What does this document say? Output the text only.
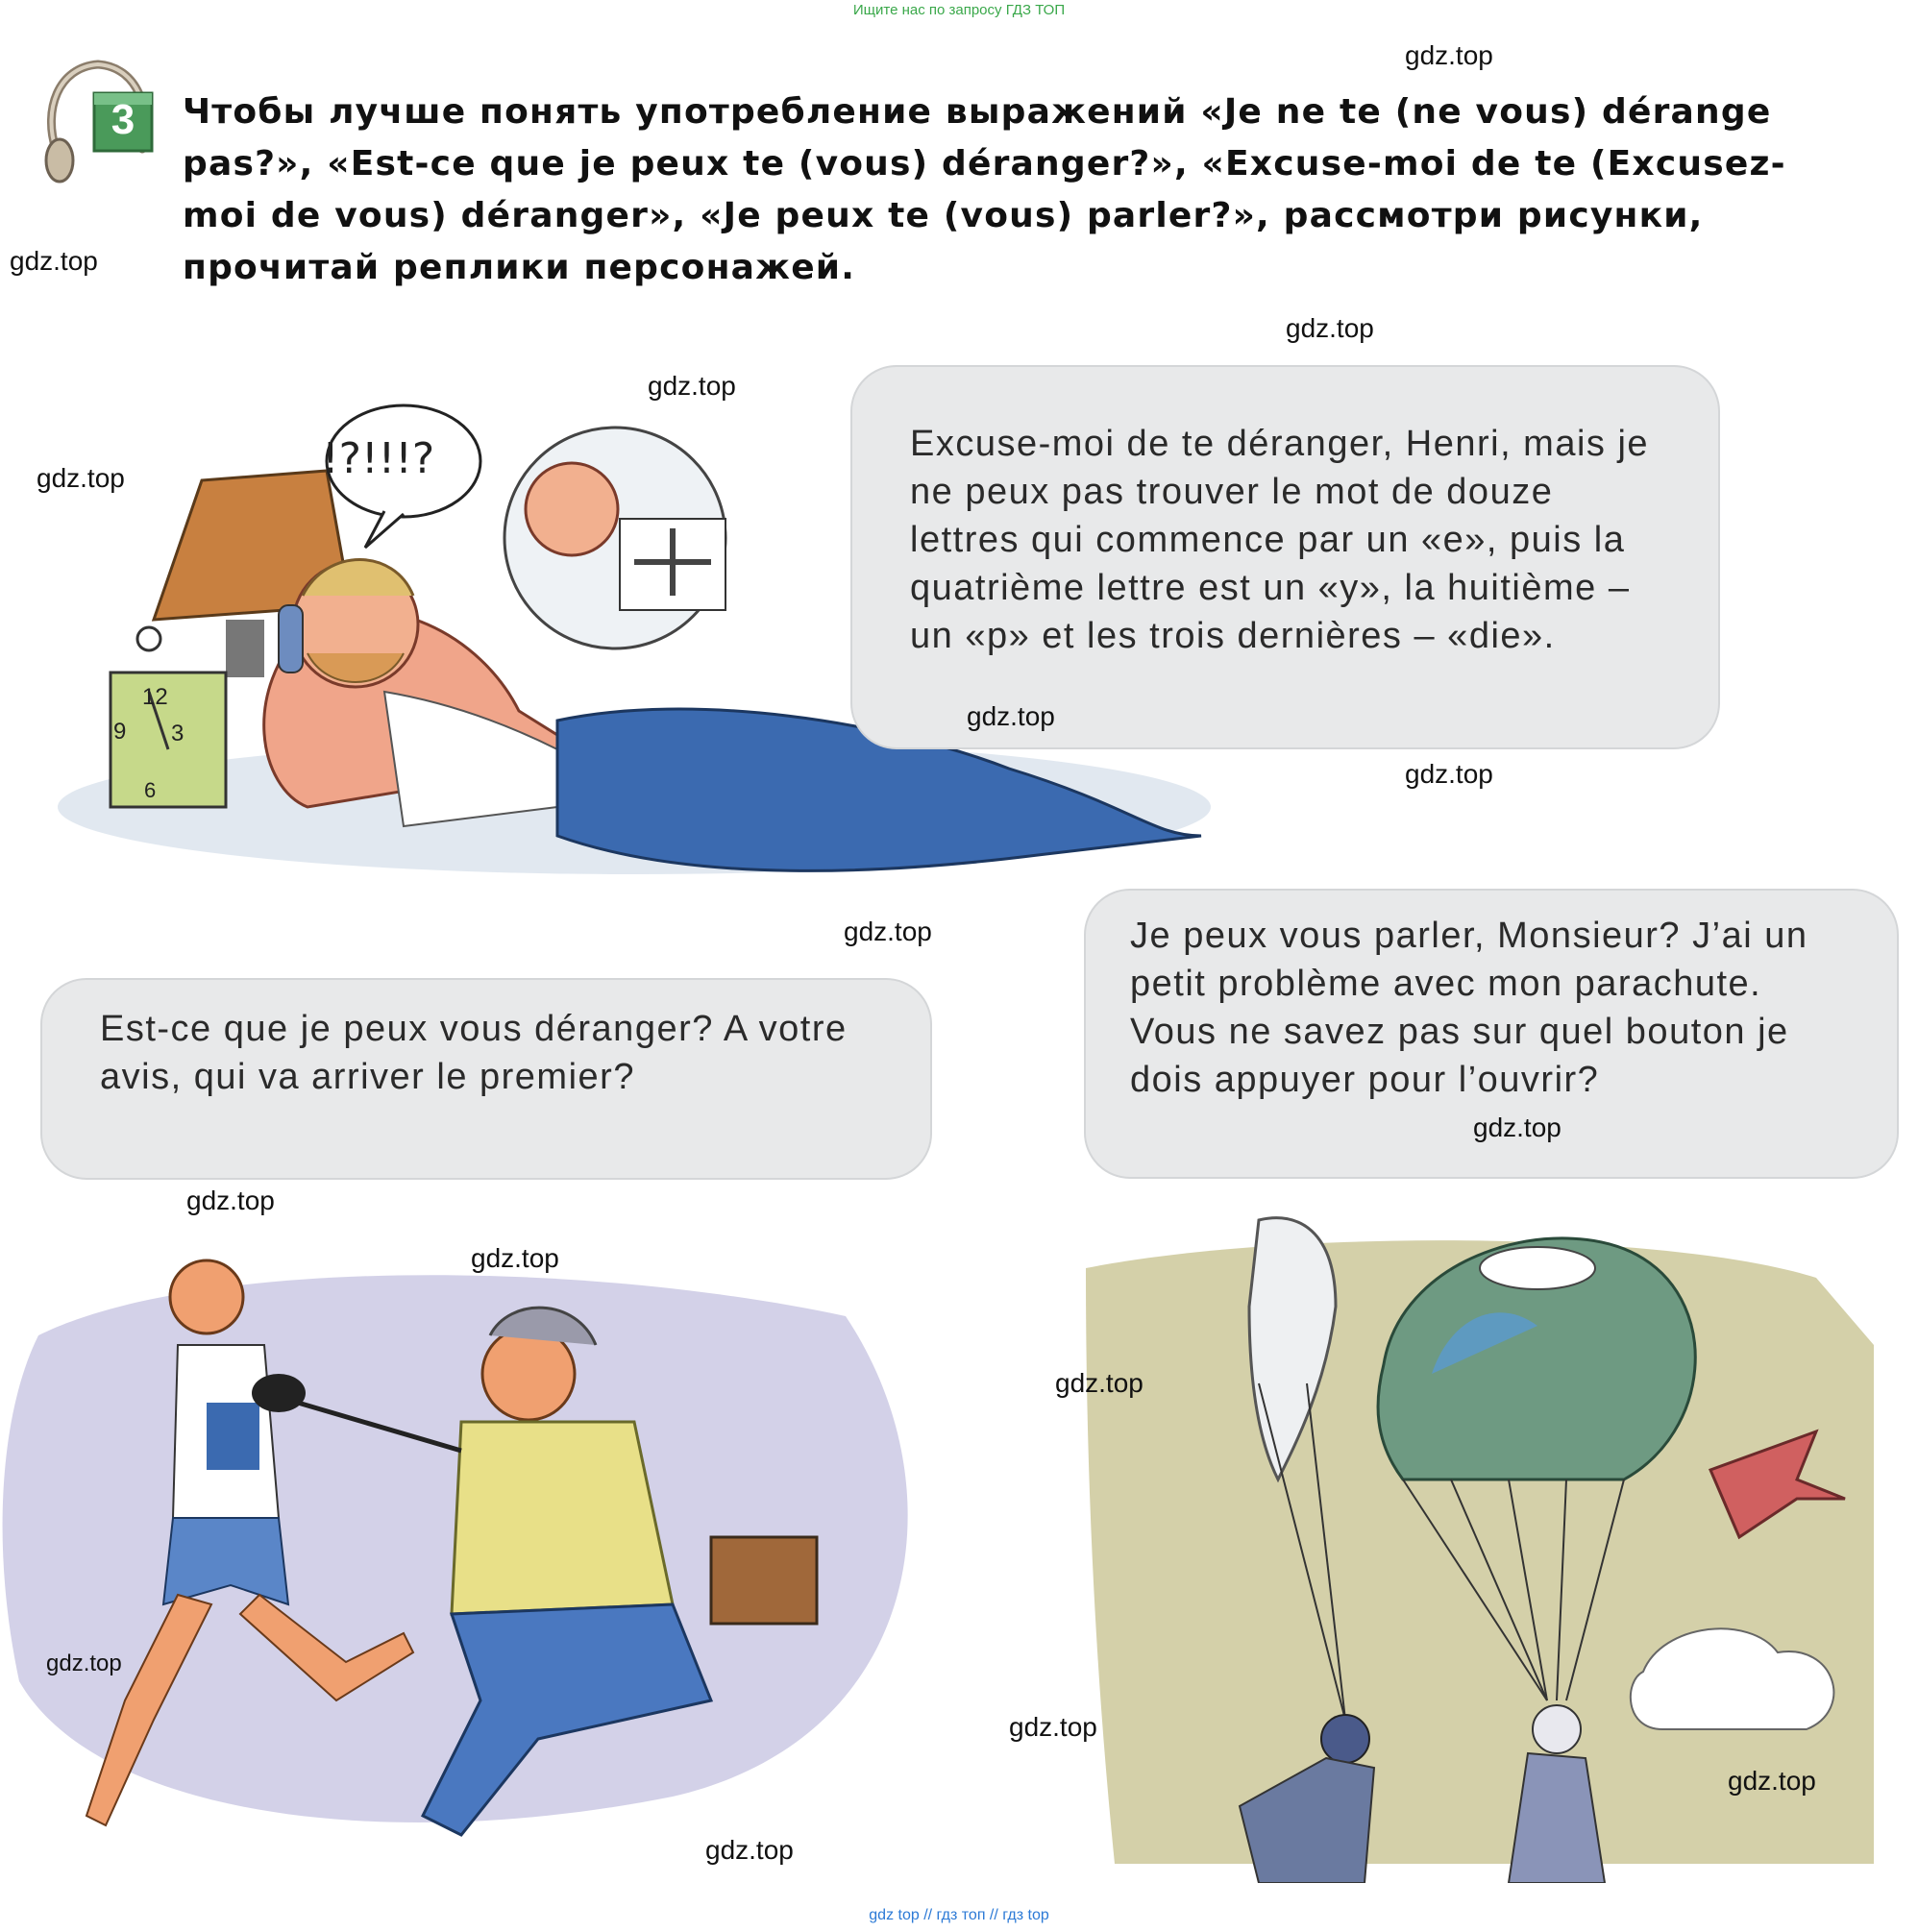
Ищите нас по запросу ГДЗ ТОП
3	Чтобы лучше понять употребление выражений «Je ne te (ne vous) dérange pas?», «Est-ce que je peux te (vous) déranger?», «Excuse-moi de te (Excusez-moi de vous) déranger», «Je peux te (vous) parler?», рассмотри рисунки, прочитай реплики персонажей.
!?!!!?
12
9 3
6
Excuse-moi de te déranger, Henri, mais je ne peux pas trouver le mot de douze lettres qui commence par un «e», puis la quatrième lettre est un «y», la huitième – un «p» et les trois dernières – «die».
Est-ce que je peux vous déranger? A votre avis, qui va arriver le premier?
Je peux vous parler, Monsieur? J’ai un petit problème avec mon parachute. Vous ne savez pas sur quel bouton je dois appuyer pour l’ouvrir?
gdz.top
gdz.top
gdz.top
gdz.top
gdz.top
gdz.top
gdz.top
gdz.top
gdz.top
gdz.top
gdz.top
gdz.top
gdz.top
gdz.top
gdz.top
gdz.top
gdz top // гдз топ // гдз top
